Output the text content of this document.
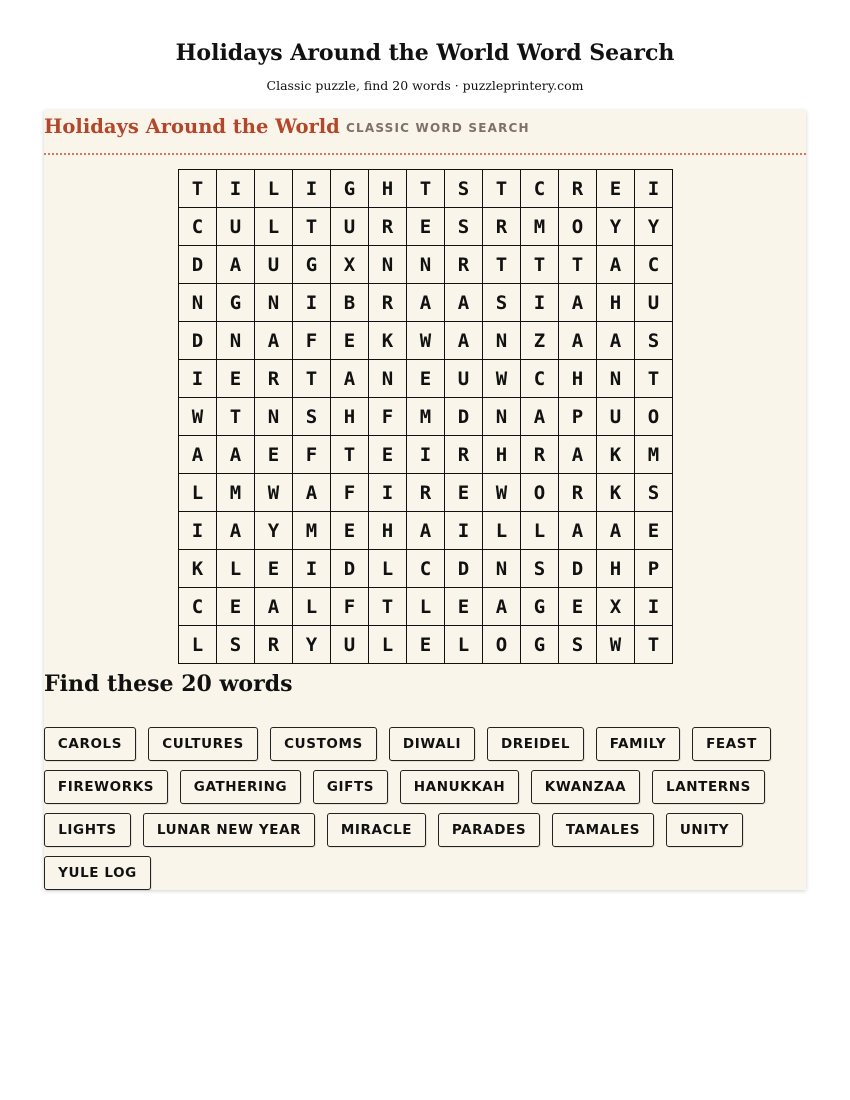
Holidays Around the World Word Search

Classic puzzle, find 20 words · puzzleprintery.com

Holidays Around the World CLASSIC WORD SEARCH
T	I	L	I	G	H	T	S	T	C	R	E	I
C	U	L	T	U	R	E	S	R	M	O	Y	Y
D	A	U	G	X	N	N	R	T	T	T	A	C
N	G	N	I	B	R	A	A	S	I	A	H	U
D	N	A	F	E	K	W	A	N	Z	A	A	S
I	E	R	T	A	N	E	U	W	C	H	N	T
W	T	N	S	H	F	M	D	N	A	P	U	O
A	A	E	F	T	E	I	R	H	R	A	K	M
L	M	W	A	F	I	R	E	W	O	R	K	S
I	A	Y	M	E	H	A	I	L	L	A	A	E
K	L	E	I	D	L	C	D	N	S	D	H	P
C	E	A	L	F	T	L	E	A	G	E	X	I
L	S	R	Y	U	L	E	L	O	G	S	W	T
Find these 20 words
CAROLS	CULTURES	CUSTOMS	DIWALI	DREIDEL	FAMILY	FEAST
FIREWORKS	GATHERING	GIFTS	HANUKKAH	KWANZAA	LANTERNS
LIGHTS	LUNAR NEW YEAR	MIRACLE	PARADES	TAMALES	UNITY
YULE LOG
